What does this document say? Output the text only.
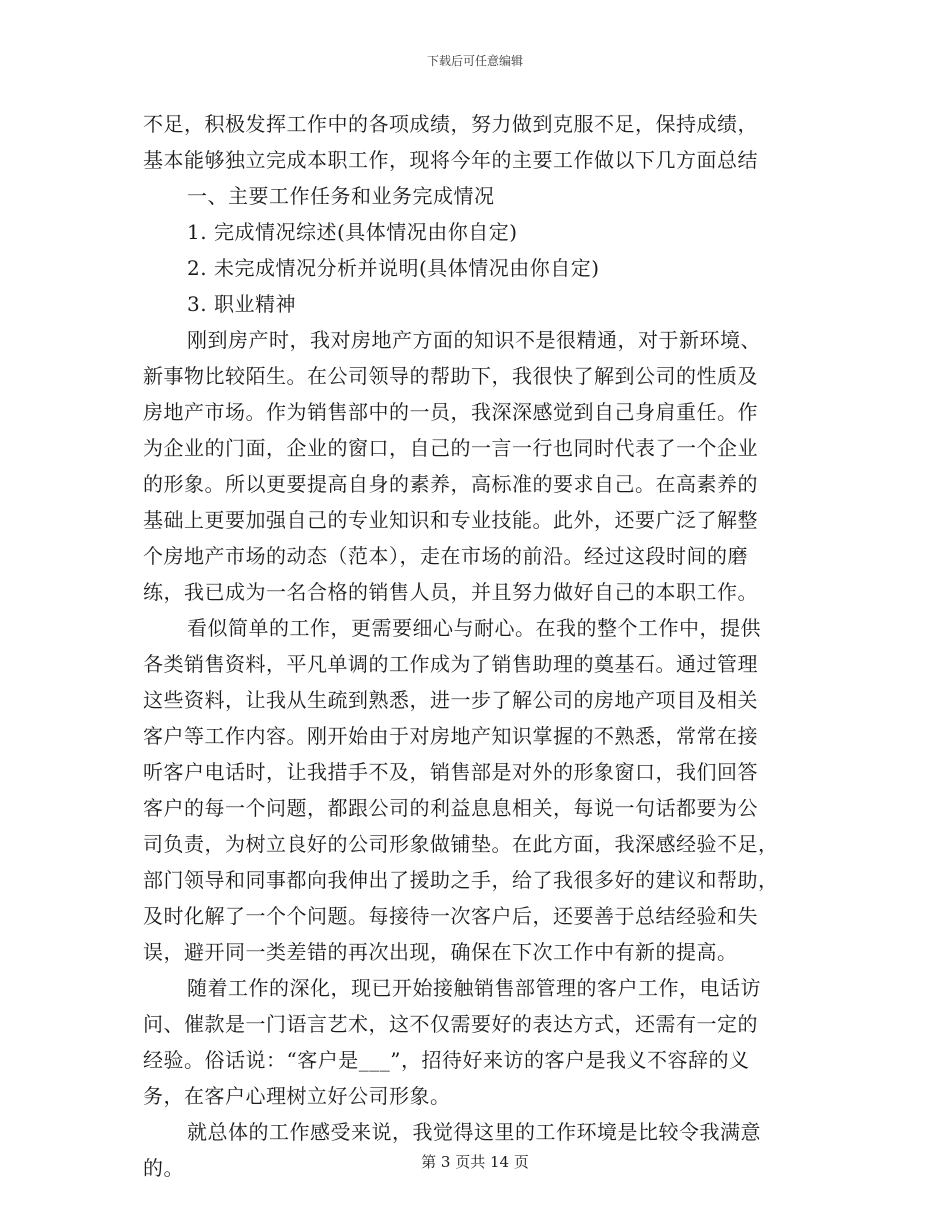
下载后可任意编辑
不足，积极发挥工作中的各项成绩，努力做到克服不足，保持成绩，
基本能够独立完成本职工作，现将今年的主要工作做以下几方面总结
一、主要工作任务和业务完成情况
1. 完成情况综述(具体情况由你自定)
2. 未完成情况分析并说明(具体情况由你自定)
3. 职业精神
刚到房产时，我对房地产方面的知识不是很精通，对于新环境、
新事物比较陌生。在公司领导的帮助下，我很快了解到公司的性质及
房地产市场。作为销售部中的一员，我深深感觉到自己身肩重任。作
为企业的门面，企业的窗口，自己的一言一行也同时代表了一个企业
的形象。所以更要提高自身的素养，高标准的要求自己。在高素养的
基础上更要加强自己的专业知识和专业技能。此外，还要广泛了解整
个房地产市场的动态（范本），走在市场的前沿。经过这段时间的磨
练，我已成为一名合格的销售人员，并且努力做好自己的本职工作。
看似简单的工作，更需要细心与耐心。在我的整个工作中，提供
各类销售资料，平凡单调的工作成为了销售助理的奠基石。通过管理
这些资料，让我从生疏到熟悉，进一步了解公司的房地产项目及相关
客户等工作内容。刚开始由于对房地产知识掌握的不熟悉，常常在接
听客户电话时，让我措手不及，销售部是对外的形象窗口，我们回答
客户的每一个问题，都跟公司的利益息息相关，每说一句话都要为公
司负责，为树立良好的公司形象做铺垫。在此方面，我深感经验不足，
部门领导和同事都向我伸出了援助之手，给了我很多好的建议和帮助，
及时化解了一个个问题。每接待一次客户后，还要善于总结经验和失
误，避开同一类差错的再次出现，确保在下次工作中有新的提高。
随着工作的深化，现已开始接触销售部管理的客户工作，电话访
问、催款是一门语言艺术，这不仅需要好的表达方式，还需有一定的
经验。俗话说：“客户是___”，招待好来访的客户是我义不容辞的义
务，在客户心理树立好公司形象。
就总体的工作感受来说，我觉得这里的工作环境是比较令我满意
的。	第 3 页共 14 页
